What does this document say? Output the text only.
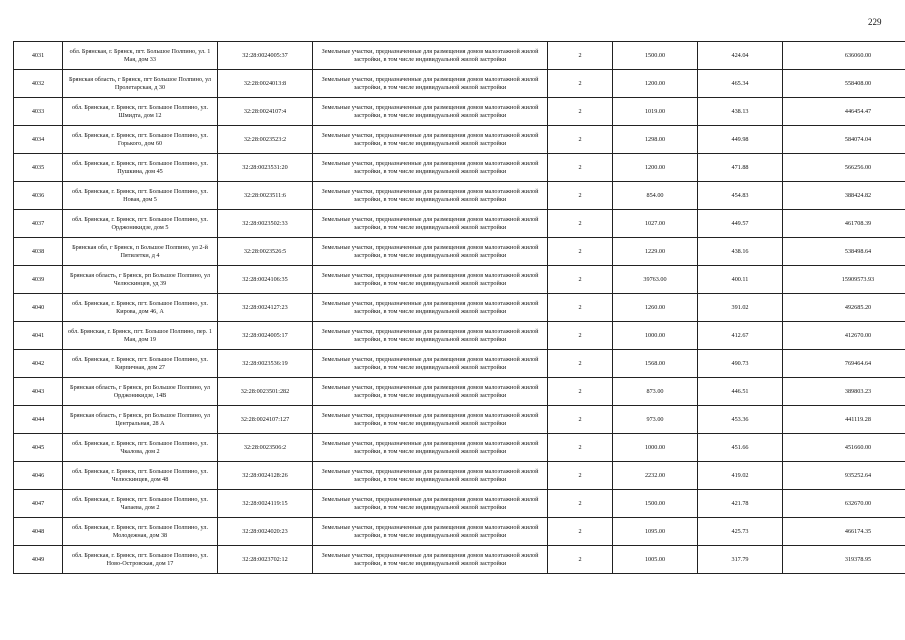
229
4031	обл. Брянская, г. Брянск, пгт. Большое Полпино, ул. 1 Мая, дом 33	32:28:0024005:37	Земельные участки, предназначенные для размещения домов малоэтажной жилой застройки, в том числе индивидуальной жилой застройки	2	1500.00	424.04	636060.00
4032	Брянская область, г Брянск, пгт Большое Полпино, ул Пролетарская, д 30	32:28:0024013:8	Земельные участки, предназначенные для размещения домов малоэтажной жилой застройки, в том числе индивидуальной жилой застройки	2	1200.00	465.34	558408.00
4033	обл. Брянская, г. Брянск, пгт. Большое Полпино, ул. Шмидта, дом 12	32:28:0024107:4	Земельные участки, предназначенные для размещения домов малоэтажной жилой застройки, в том числе индивидуальной жилой застройки	2	1019.00	438.13	446454.47
4034	обл. Брянская, г. Брянск, пгт. Большое Полпино, ул. Горького, дом 60	32:28:0023523:2	Земельные участки, предназначенные для размещения домов малоэтажной жилой застройки, в том числе индивидуальной жилой застройки	2	1298.00	449.98	584074.04
4035	обл. Брянская, г. Брянск, пгт. Большое Полпино, ул. Пушкина, дом 45	32:28:0023531:20	Земельные участки, предназначенные для размещения домов малоэтажной жилой застройки, в том числе индивидуальной жилой застройки	2	1200.00	471.88	566256.00
4036	обл. Брянская, г. Брянск, пгт. Большое Полпино, ул. Новая, дом 5	32:28:0023511:6	Земельные участки, предназначенные для размещения домов малоэтажной жилой застройки, в том числе индивидуальной жилой застройки	2	854.00	454.83	388424.82
4037	обл. Брянская, г. Брянск, пгт. Большое Полпино, ул. Орджоникидзе, дом 5	32:28:0023502:33	Земельные участки, предназначенные для размещения домов малоэтажной жилой застройки, в том числе индивидуальной жилой застройки	2	1027.00	449.57	461708.39
4038	Брянская обл, г Брянск, п Большое Полпино, ул 2-й Пятилетки, д 4	32:28:0023526:5	Земельные участки, предназначенные для размещения домов малоэтажной жилой застройки, в том числе индивидуальной жилой застройки	2	1229.00	438.16	538498.64
4039	Брянская область, г Брянск, рп Большое Полпино, ул Челюскинцев, уд 39	32:28:0024106:35	Земельные участки, предназначенные для размещения домов малоэтажной жилой застройки, в том числе индивидуальной жилой застройки	2	39763.00	400.11	15909573.93
4040	обл. Брянская, г. Брянск, пгт. Большое Полпино, ул. Кирова, дом 46, А	32:28:0024127:23	Земельные участки, предназначенные для размещения домов малоэтажной жилой застройки, в том числе индивидуальной жилой застройки	2	1260.00	391.02	492685.20
4041	обл. Брянская, г. Брянск, пгт. Большое Полпино, пер. 1 Мая, дом 19	32:28:0024005:17	Земельные участки, предназначенные для размещения домов малоэтажной жилой застройки, в том числе индивидуальной жилой застройки	2	1000.00	412.67	412670.00
4042	обл. Брянская, г. Брянск, пгт. Большое Полпино, ул. Кирпичная, дом 27	32:28:0023536:19	Земельные участки, предназначенные для размещения домов малоэтажной жилой застройки, в том числе индивидуальной жилой застройки	2	1568.00	490.73	769464.64
4043	Брянская область, г Брянск, рп Большое Полпино, ул Орджоникидзе, 14В	32:28:0023501:282	Земельные участки, предназначенные для размещения домов малоэтажной жилой застройки, в том числе индивидуальной жилой застройки	2	873.00	446.51	389803.23
4044	Брянская область, г Брянск, рп Большое Полпино, ул Центральная, 28 А	32:28:0024107:127	Земельные участки, предназначенные для размещения домов малоэтажной жилой застройки, в том числе индивидуальной жилой застройки	2	973.00	453.36	441119.28
4045	обл. Брянская, г. Брянск, пгт. Большое Полпино, ул. Чкалова, дом 2	32:28:0023506:2	Земельные участки, предназначенные для размещения домов малоэтажной жилой застройки, в том числе индивидуальной жилой застройки	2	1000.00	451.66	451660.00
4046	обл. Брянская, г. Брянск, пгт. Большое Полпино, ул. Челюскинцев, дом 48	32:28:0024128:26	Земельные участки, предназначенные для размещения домов малоэтажной жилой застройки, в том числе индивидуальной жилой застройки	2	2232.00	419.02	935252.64
4047	обл. Брянская, г. Брянск, пгт. Большое Полпино, ул. Чапаева, дом 2	32:28:0024119:15	Земельные участки, предназначенные для размещения домов малоэтажной жилой застройки, в том числе индивидуальной жилой застройки	2	1500.00	421.78	632670.00
4048	обл. Брянская, г. Брянск, пгт. Большое Полпино, ул. Молодежная, дом 38	32:28:0024020:23	Земельные участки, предназначенные для размещения домов малоэтажной жилой застройки, в том числе индивидуальной жилой застройки	2	1095.00	425.73	466174.35
4049	обл. Брянская, г. Брянск, пгт. Большое Полпино, ул. Ново-Островская, дом 17	32:28:0023702:12	Земельные участки, предназначенные для размещения домов малоэтажной жилой застройки, в том числе индивидуальной жилой застройки	2	1005.00	317.79	319378.95
